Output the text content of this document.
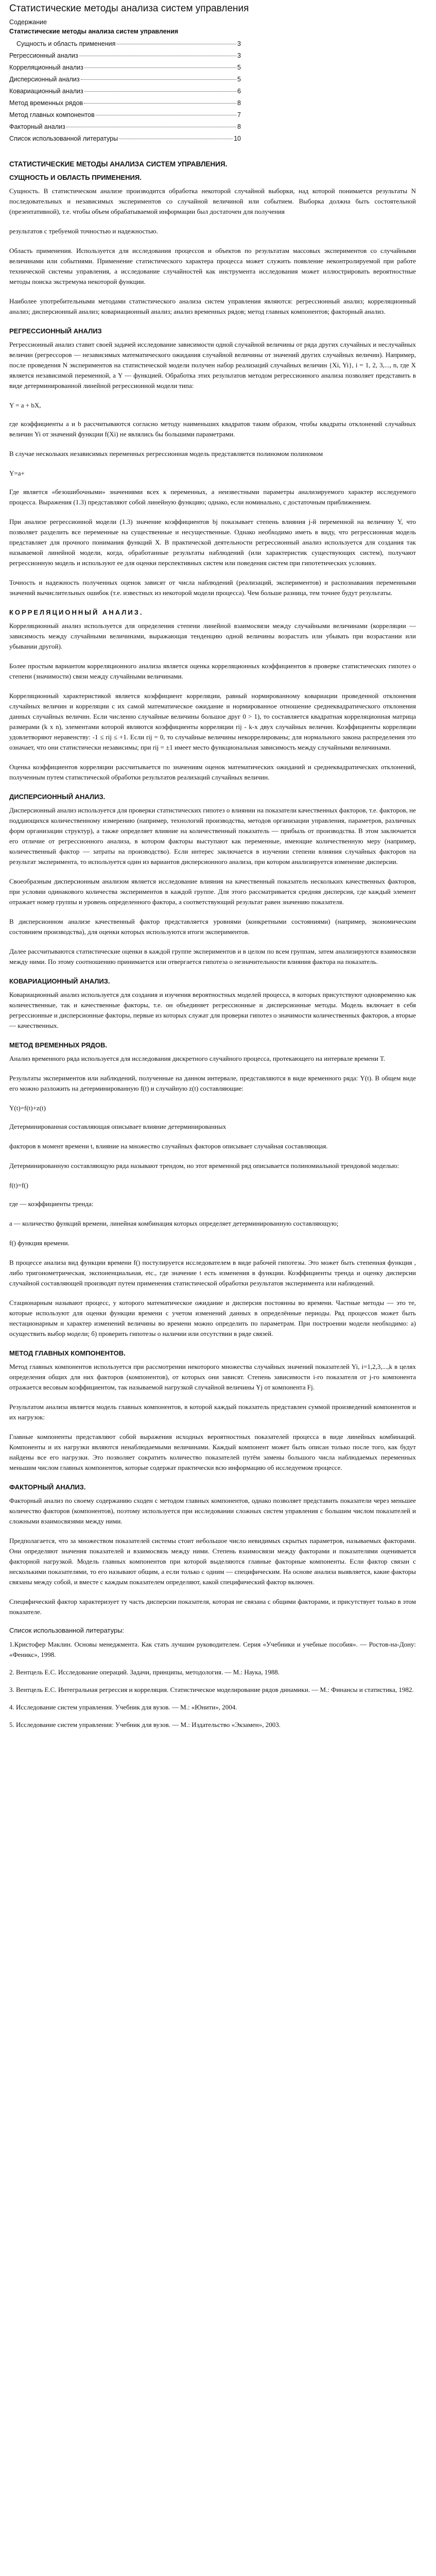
Статистические методы анализа систем управления
Содержание
Статистические методы анализа систем управления
Сущность и область применения	3
Регрессионный анализ	3
Корреляционный анализ	5
Дисперсионный анализ	5
Ковариационный анализ	6
Метод временных рядов	8
Метод главных компонентов	7
Факторный анализ	8
Список использованной литературы	10
СТАТИСТИЧЕСКИЕ МЕТОДЫ АНАЛИЗА СИСТЕМ УПРАВЛЕНИЯ.
СУЩНОСТЬ И ОБЛАСТЬ ПРИМЕНЕНИЯ.

Сущность. В статистическом анализе производится обработка некоторой случайной выборки, над которой понимается результаты N последовательных и независимых экспериментов со случайной величиной или событием. Выборка должна быть состоятельной (презентативной), т.е. чтобы объем обрабатываемой информации был достаточен для получения

результатов с требуемой точностью и надежностью.

Область применения. Используется для исследования процессов и объектов по результатам массовых экспериментов со случайными величинами или событиями. Применение статистического характера процесса может служить появление неконтролируемой при работе технической системы управления, а исследование случайностей как инструмента исследования может иллюстрировать вероятностные методы поиска экстремума некоторой функции.

Наиболее употребительными методами статистического анализа систем управления являются: регрессионный анализ; корреляционный анализ; дисперсионный анализ; ковариационный анализ; анализ временных рядов; метод главных компонентов; факторный анализ.

РЕГРЕССИОННЫЙ АНАЛИЗ

Регрессионный анализ ставит своей задачей исследование зависимости одной случайной величины от ряда других случайных и неслучайных величин (регрессоров — независимых математического ожидания случайной величины от значений других случайных величин). Например, после проведения N экспериментов на статистической модели получен набор реализаций случайных величин {Xi, Yi}, i = 1, 2, 3,..., n, где X является независимой переменной, а Y — функцией. Обработка этих результатов методом регрессионного анализа позволяет представить в виде детерминированной линейной регрессионной модели типа:

Y = a + bX,

где коэффициенты a и b рассчитываются согласно методу наименьших квадратов таким образом, чтобы квадраты отклонений случайных величин Yi от значений функции f(Xi) не являлись бы большими параметрами.

В случае нескольких независимых переменных регрессионная модель представляется полиномом полиномом

Y=a+

Где является «безошибочными» значениями всех к переменных, а неизвестными параметры анализируемого характер исследуемого процесса. Выражения (1.3) представляют собой линейную функцию; однако, если номинально, с достаточным приближением.

При анализе регрессионной модели (1.3) значение коэффициентов bj показывает степень влияния j-й переменной на величину Y, что позволяет разделить все переменные на существенные и несущественные. Однако необходимо иметь в виду, что регрессионная модель представляет для прочного понимания функций Х. В практической деятельности регрессионный анализ используется для создания так называемой линейной модели, когда, обработанные результаты наблюдений (или характеристик существующих систем), получают регрессионную модель и используют ее для оценки перспективных систем или поведения систем при гипотетических условиях.

Точность и надежность полученных оценок зависят от числа наблюдений (реализаций, экспериментов) и распознавания переменными значений вычислительных ошибок (т.е. известных из некоторой модели процесса). Чем больше разница, тем точнее будут результаты.

КОРРЕЛЯЦИОННЫЙ АНАЛИЗ.

Корреляционный анализ используется для определения степени линейной взаимосвязи между случайными величинами (корреляции — зависимость между случайными величинами, выражающая тенденцию одной величины возрастать или убывать при возрастании или убывании другой).

Более простым вариантом корреляционного анализа является оценка корреляционных коэффициентов в проверке статистических гипотез о степени (значимости) связи между случайными величинами.

Корреляционный характеристикой является коэффициент корреляции, равный нормированному ковариации проведенной отклонения случайных величин и корреляции с их самой математическое ожидание и нормированное отношение среднеквадратического отклонения данных случайных величин. Если численно случайные величины большое друг 0 > 1), то составляется квадратная корреляционная матрица размерами (k x n), элементами которой являются коэффициенты корреляции rij - k-х двух случайных величин. Коэффициенты корреляции удовлетворяют неравенству: -1 ≤ rij ≤ +1. Если rij = 0, то случайные величины некоррелированы; для нормального закона распределения это означает, что они статистически независимы; при rij = ±1 имеет место функциональная зависимость между случайными величинами.

Оценка коэффициентов корреляции рассчитывается по значениям оценок математических ожиданий и среднеквадратических отклонений, полученным путем статистической обработки результатов реализаций случайных величин.

ДИСПЕРСИОННЫЙ АНАЛИЗ.

Дисперсионный анализ используется для проверки статистических гипотез о влиянии на показатели качественных факторов, т.е. факторов, не поддающихся количественному измерению (например, технологий производства, методов организации управления, параметров, различных форм организации структур), а также определяет влияние на количественный показатель — прибыль от производства. В этом заключается его отличие от регрессионного анализа, в котором факторы выступают как переменные, имеющие количественную меру (например, количественный фактор — затраты на производство). Если интерес заключается в изучении степени влияния случайных факторов на результат эксперимента, то используется один из вариантов дисперсионного анализа, при котором анализируется изменение дисперсии.

Своеобразным дисперсионным анализом является исследование влияния на качественный показатель нескольких качественных факторов, при условии одинакового количества экспериментов в каждой группе. Для этого рассматривается средняя дисперсия, где каждый элемент отражает номер группы и уровень определенного фактора, а соответствующий результат равен значению показателя.

В дисперсионном анализе качественный фактор представляется уровнями (конкретными состояниями) (например, экономическим состоянием производства), для оценки которых используются итоги экспериментов.

Далее рассчитываются статистические оценки в каждой группе экспериментов и в целом по всем группам, затем анализируются взаимосвязи между ними. По этому соотношению принимается или отвергается гипотеза о незначительности влияния фактора на показатель.

КОВАРИАЦИОННЫЙ АНАЛИЗ.

Ковариационный анализ используется для создания и изучения вероятностных моделей процесса, в которых присутствуют одновременно как количественные, так и качественные факторы, т.е. он объединяет регрессионные и дисперсионные методы. Модель включает в себя регрессионные и дисперсионные факторы, первые из которых служат для проверки гипотез о значимости количественных факторов, а вторые — качественных.

МЕТОД ВРЕМЕННЫХ РЯДОВ.

Анализ временного ряда используется для исследования дискретного случайного процесса, протекающего на интервале времени T.

Результаты экспериментов или наблюдений, полученные на данном интервале, представляются в виде временного ряда: Y(t). В общем виде его можно разложить на детерминированную f(t) и случайную z(t) составляющие:

Y(t)=f(t)+z(t)

Детерминированная составляющая описывает влияние детерминированных

факторов в момент времени t, влияние на множество случайных факторов описывает случайная составляющая.

Детерминированную составляющую ряда называют трендом, но этот временной ряд описывается полиномиальной трендовой моделью:

f(t)=f()

где — коэффициенты тренда:

а — количество функций времени, линейная комбинация которых определяет детерминированную составляющую;

f() функция времени.

В процессе анализа вид функции времени f() постулируется исследователем в виде рабочей гипотезы. Это может быть степенная функция , либо тригонометрическая, экспоненциальная, etc., где значение t есть изменения в функции. Коэффициенты тренда и оценку дисперсии случайной составляющей производят путем применения статистической обработки результатов эксперимента или наблюдений.

Стационарным называют процесс, у которого математическое ожидание и дисперсия постоянны во времени. Частные методы — это те, которые используют для оценки функции времени с учетом изменений данных в определённые периоды. Ряд процессов может быть нестационарным и характер изменений величины во времени можно определить по параметрам. При построении модели необходимо: а) осуществить выбор модели; б) проверить гипотезы о наличии или отсутствии в ряде связей.

МЕТОД ГЛАВНЫХ КОМПОНЕНТОВ.

Метод главных компонентов используется при рассмотрении некоторого множества случайных значений показателей Yi, i=1,2,3,...,k в целях определения общих для них факторов (компонентов), от которых они зависят. Степень зависимости i-го показателя от j-го компонента отражается весовым коэффициентом, так называемой нагрузкой случайной величины Yj от компонента Fj.

Результатом анализа является модель главных компонентов, в которой каждый показатель представлен суммой произведений компонентов и их нагрузок:

Главные компоненты представляют собой выражения исходных вероятностных показателей процесса в виде линейных комбинаций. Компоненты и их нагрузки являются ненаблюдаемыми величинами. Каждый компонент может быть описан только после того, как будут найдены все его нагрузки. Это позволяет сократить количество показателей путём замены большого числа наблюдаемых переменных меньшим числом главных компонентов, которые содержат практически всю информацию об исследуемом процессе.

ФАКТОРНЫЙ АНАЛИЗ.

Факторный анализ по своему содержанию сходен с методом главных компонентов, однако позволяет представить показатели через меньшее количество факторов (компонентов), поэтому используется при исследовании сложных систем управления с большим числом показателей и сложными взаимосвязями между ними.

Предполагается, что за множеством показателей системы стоит небольшое число невидимых скрытых параметров, называемых факторами. Они определяют значения показателей и взаимосвязь между ними. Степень взаимосвязи между факторами и показателями оценивается факторной нагрузкой. Модель главных компонентов при которой выделяются главные факторные компоненты. Если фактор связан с несколькими показателями, то его называют общим, а если только с одним — специфическим. На основе анализа выявляется, какие факторы связаны между собой, и вместе с каждым показателем определяют, какой специфический фактор включен.

Специфический фактор характеризует ту часть дисперсии показателя, которая не связана с общими факторами, и присутствует только в этом показателе.

Список использованной литературы:
1.Кристофер Маклин. Основы менеджмента. Как стать лучшим руководителем. Серия «Учебники и учебные пособия». — Ростов-на-Дону: «Феникс», 1998.
2. Вентцель Е.С. Исследование операций. Задачи, принципы, методология. — М.: Наука, 1988.
3. Вентцель Е.С. Интегральная регрессия и корреляция. Статистическое моделирование рядов динамики. — М.: Финансы и статистика, 1982.
4. Исследование систем управления. Учебник для вузов. — М.: «Юнити», 2004.
5. Исследование систем управления: Учебник для вузов. — М.: Издательство «Экзамен», 2003.
